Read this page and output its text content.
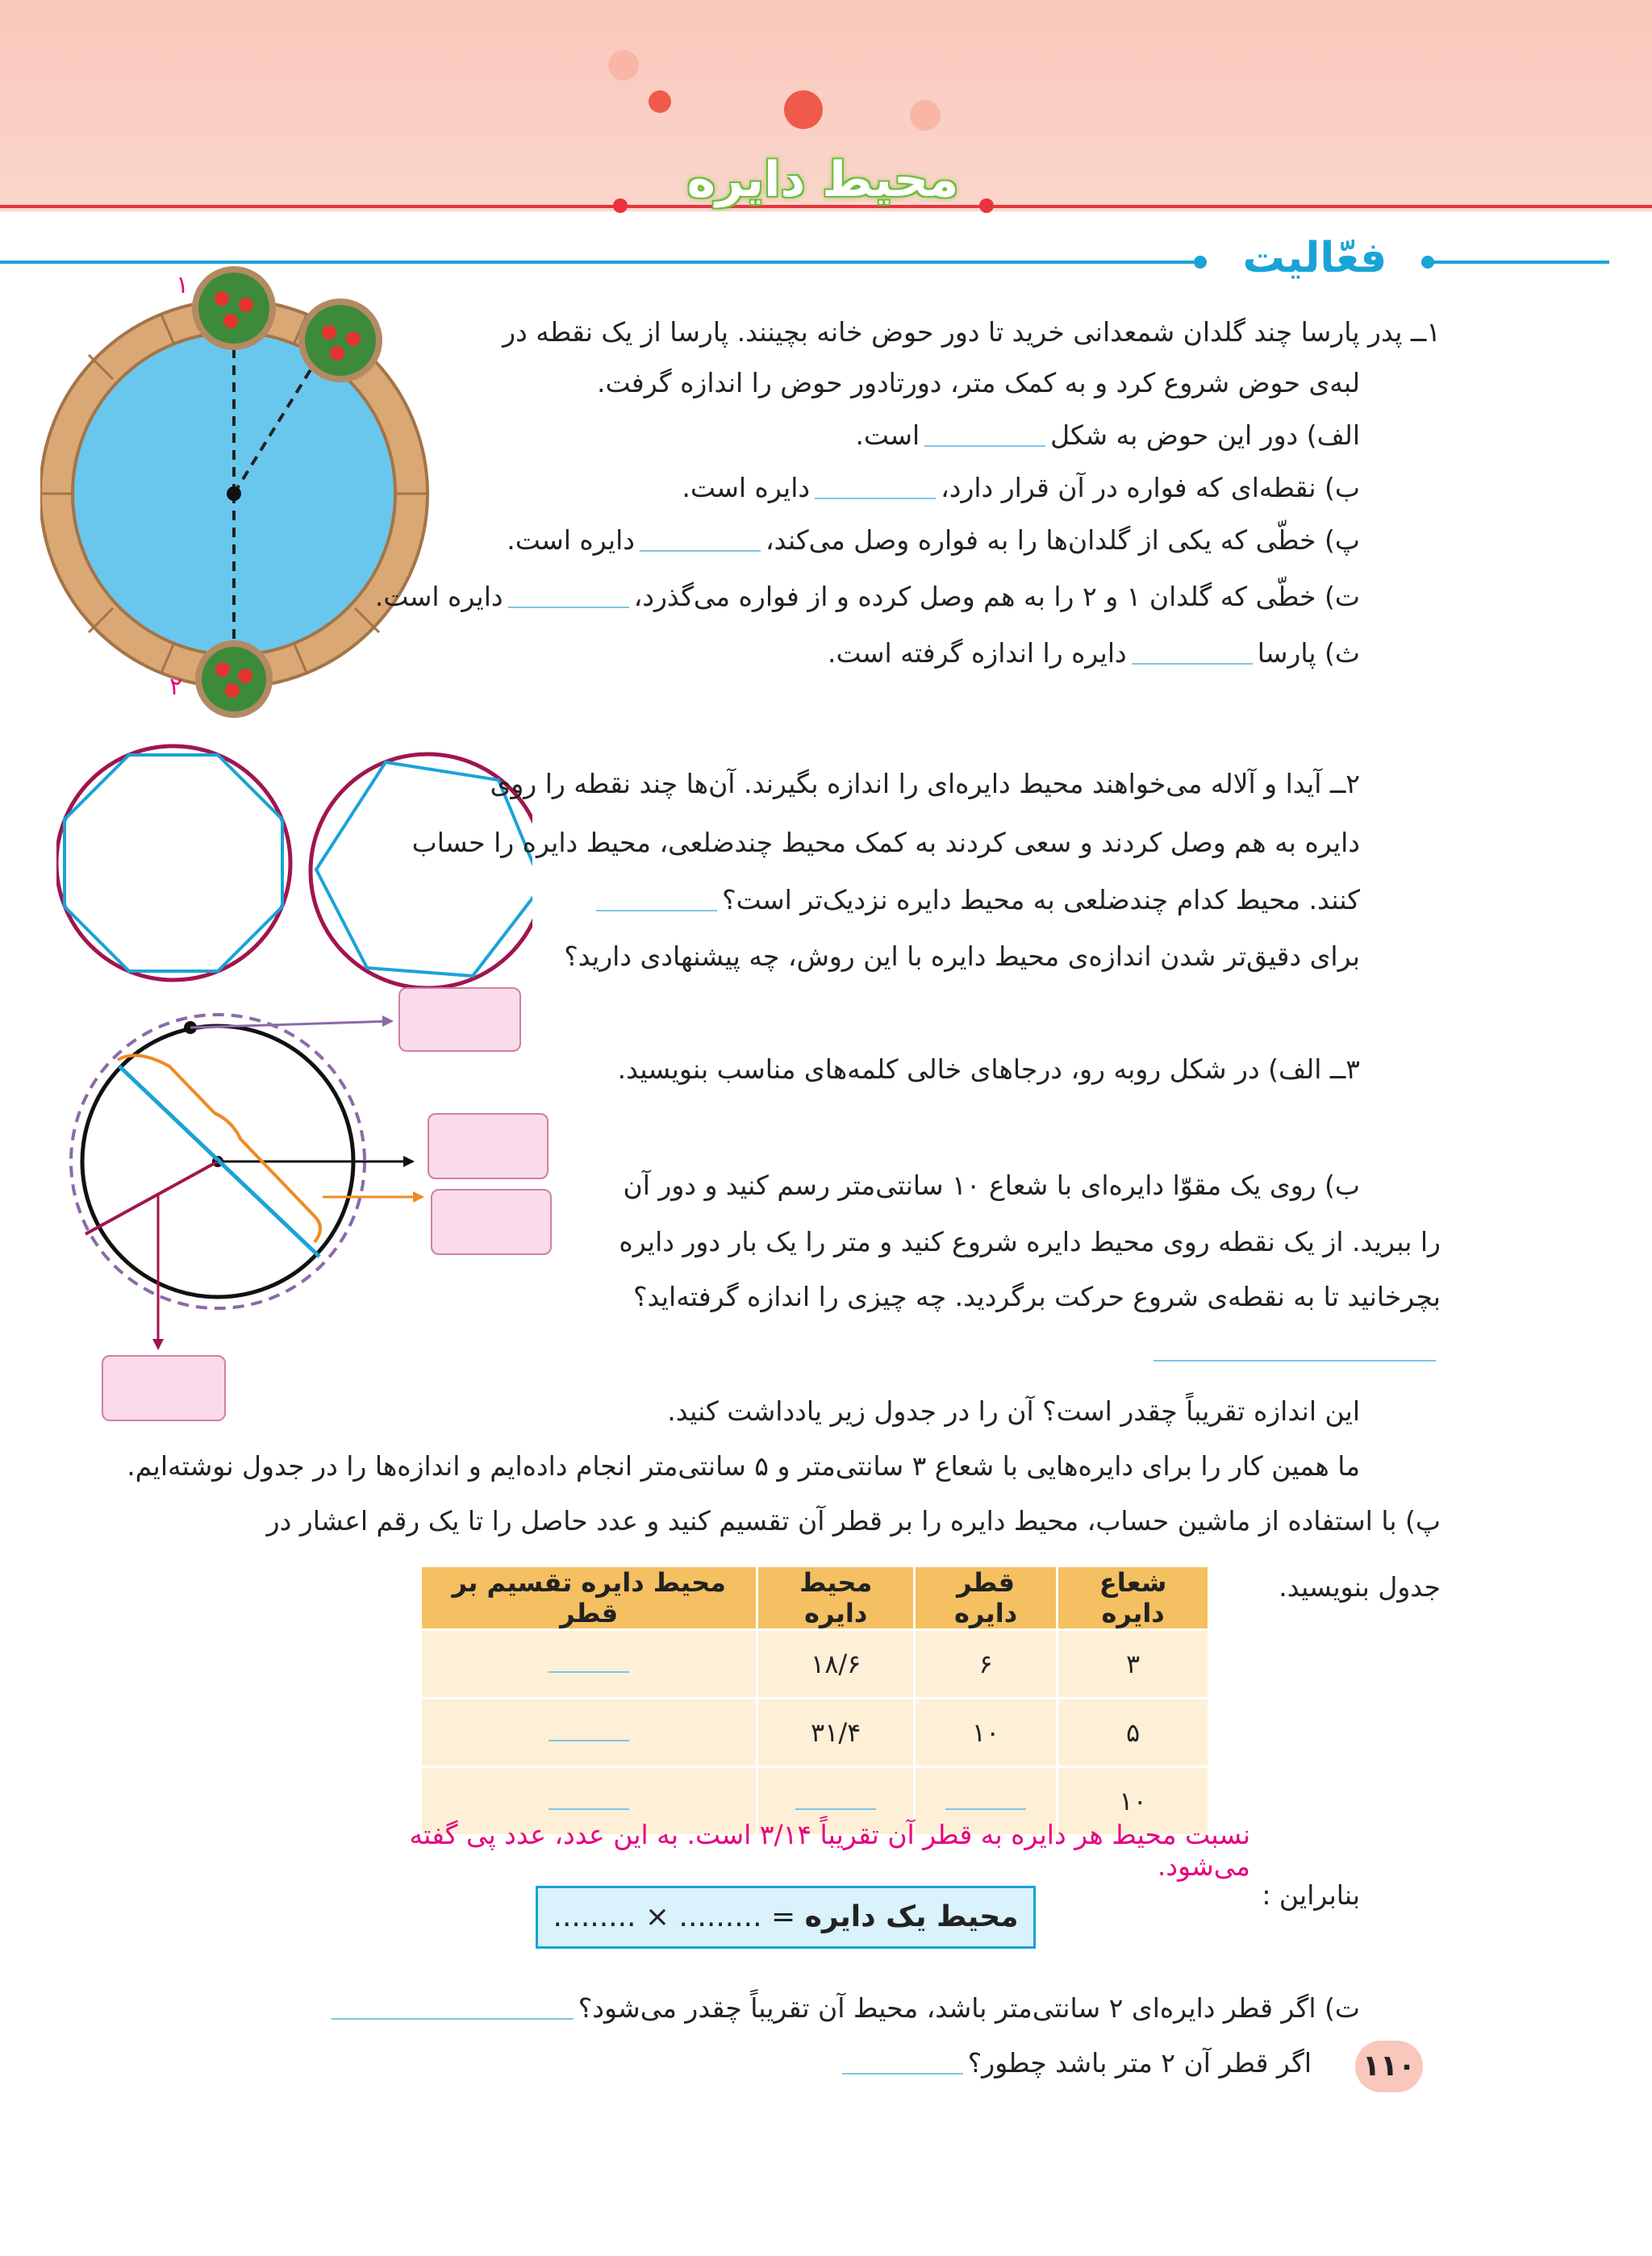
محیط دایره
فعّالیت
۱
۲
۱ــ پدر پارسا چند گلدان شمعدانی خرید تا دور حوض خانه بچینند. پارسا از یک نقطه در
لبه‌ی حوض شروع کرد و به کمک متر، دورتادور حوض را اندازه گرفت.
الف) دور این حوض به شکلاست.
ب) نقطه‌ای که فواره در آن قرار دارد،دایره است.
پ) خطّی که یکی از گلدان‌ها را به فواره وصل می‌کند،دایره است.
ت) خطّی که گلدان ۱ و ۲ را به هم وصل کرده و از فواره می‌گذرد،دایره است.
ث) پارسادایره را اندازه گرفته است.
۲ــ آیدا و آلاله می‌خواهند محیط دایره‌ای را اندازه بگیرند. آن‌ها چند نقطه را روی
دایره به هم وصل کردند و سعی کردند به کمک محیط چندضلعی، محیط دایره را حساب
کنند. محیط کدام چندضلعی به محیط دایره نزدیک‌تر است؟
برای دقیق‌تر شدن اندازه‌ی محیط دایره با این روش، چه پیشنهادی دارید؟
۳ــ الف) در شکل روبه رو، درجاهای خالی کلمه‌های مناسب بنویسید.
ب) روی یک مقوّا دایره‌ای با شعاع ۱۰ سانتی‌متر رسم کنید و دور آن
را ببرید. از یک نقطه روی محیط دایره شروع کنید و متر را یک بار دور دایره
بچرخانید تا به نقطه‌ی شروع حرکت برگردید. چه چیزی را اندازه گرفته‌اید؟
این اندازه تقریباً چقدر است؟ آن را در جدول زیر یادداشت کنید.
ما همین کار را برای دایره‌هایی با شعاع ۳ سانتی‌متر و ۵ سانتی‌متر انجام داده‌ایم و اندازه‌ها را در جدول نوشته‌ایم.
پ) با استفاده از ماشین حساب، محیط دایره را بر قطر آن تقسیم کنید و عدد حاصل را تا یک رقم اعشار در
جدول بنویسید.
شعاع دایره	قطر دایره	محیط دایره	محیط دایره تقسیم بر قطر
۳	۶	۱۸/۶	
۵	۱۰	۳۱/۴	
۱۰			
نسبت محیط هر دایره به قطر آن تقریباً ۳/۱۴ است. به این عدد، عدد پی گفته می‌شود.
بنابراین :
محیط یک دایره = ......... × .........
ت) اگر قطر دایره‌ای ۲ سانتی‌متر باشد، محیط آن تقریباً چقدر می‌شود؟
اگر قطر آن ۲ متر باشد چطور؟ ۱۱۰
